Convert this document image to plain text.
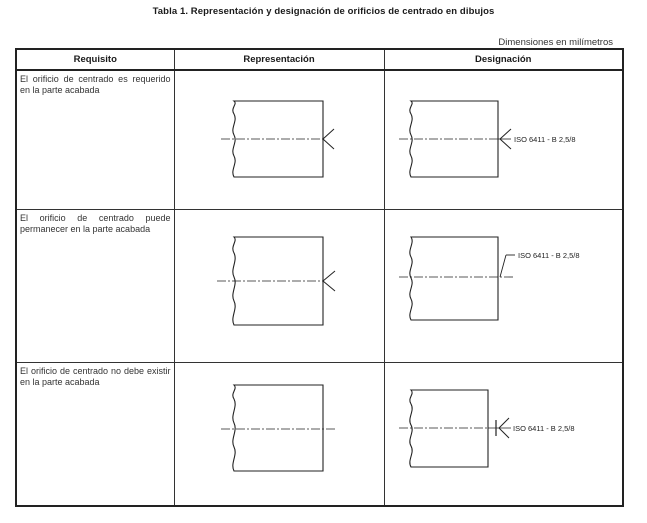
Tabla 1. Representación y designación de orificios de centrado en dibujos
Dimensiones en milímetros
Requisito	Representación	Designación

El orificio de centrado es requerido en la parte acabada		ISO 6411 - B 2,5/8

El orificio de centrado puede permanecer en la parte acabada		ISO 6411 - B 2,5/8

El orificio de centrado no debe existir en la parte acabada		ISO 6411 - B 2,5/8
